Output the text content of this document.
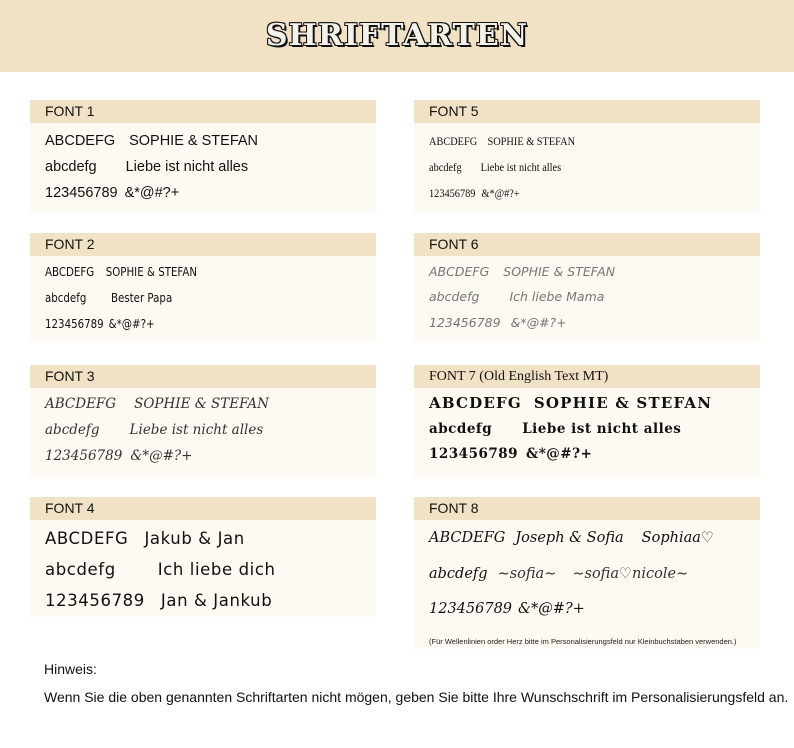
SHRIFTARTEN
FONT 1
ABCDEFG SOPHIE & STEFAN
abcdefg Liebe ist nicht alles
123456789 &*@#?+
FONT 2
ABCDEFG SOPHIE & STEFAN
abcdefg Bester Papa
123456789 &*@#?+
FONT 3
ABCDEFG SOPHIE & STEFAN
abcdefg Liebe ist nicht alles
123456789 &*@#?+
FONT 4
ABCDEFG Jakub & Jan
abcdefg	Ich liebe dich
123456789 Jan & Jankub
FONT 5
ABCDEFG SOPHIE & STEFAN
abcdefg Liebe ist nicht alles
123456789 &*@#?+
FONT 6
ABCDEFG SOPHIE & STEFAN
abcdefg Ich liebe Mama
123456789 &*@#?+
FONT 7 (Old English Text MT)
ABCDEFG SOPHIE & STEFAN
abcdefg Liebe ist nicht alles
123456789 &*@#?+
FONT 8
ABCDEFG Joseph & Sofia Sophiaa♡
abcdefg ∼sofia∼ ∼sofia♡nicole∼
123456789 &*@#?+
(Für Wellenlinien order Herz bitte im Personalisierungsfeld nur Kleinbuchstaben verwenden.)
Hinweis:
Wenn Sie die oben genannten Schriftarten nicht mögen, geben Sie bitte Ihre Wunschschrift im Personalisierungsfeld an.
